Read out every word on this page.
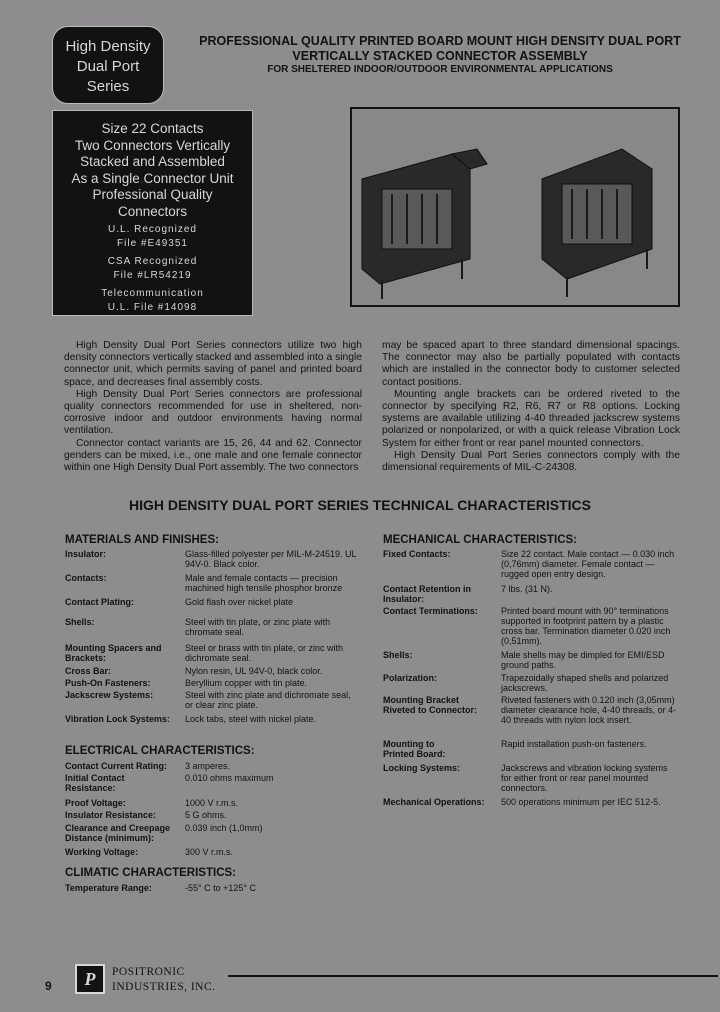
High Density
Dual Port
Series
PROFESSIONAL QUALITY PRINTED BOARD MOUNT HIGH DENSITY DUAL PORT
VERTICALLY STACKED CONNECTOR ASSEMBLY
FOR SHELTERED INDOOR/OUTDOOR ENVIRONMENTAL APPLICATIONS
Size 22 Contacts
Two Connectors Vertically
Stacked and Assembled
As a Single Connector Unit
Professional Quality
Connectors
U.L. Recognized
File #E49351
CSA Recognized
File #LR54219
Telecommunication
U.L. File #14098
High Density Dual Port Series connectors utilize two high density connectors vertically stacked and assembled into a single connector unit, which permits saving of panel and printed board space, and decreases final assembly costs.
High Density Dual Port Series connectors are professional quality connectors recommended for use in sheltered, non-corrosive indoor and outdoor environments having normal ventilation.
Connector contact variants are 15, 26, 44 and 62. Connector genders can be mixed, i.e., one male and one female connector within one High Density Dual Port assembly. The two connectors
may be spaced apart to three standard dimensional spacings. The connector may also be partially populated with contacts which are installed in the connector body to customer selected contact positions.
Mounting angle brackets can be ordered riveted to the connector by specifying R2, R6, R7 or R8 options. Locking systems are available utilizing 4-40 threaded jackscrew systems polarized or nonpolarized, or with a quick release Vibration Lock System for either front or rear panel mounted connectors.
High Density Dual Port Series connectors comply with the dimensional requirements of MIL-C-24308.
HIGH DENSITY DUAL PORT SERIES TECHNICAL CHARACTERISTICS
MATERIALS AND FINISHES:
Insulator:	Glass-filled polyester per MIL-M-24519. UL 94V-0. Black color.
Contacts:	Male and female contacts — precision machined high tensile phosphor bronze
Contact Plating:	Gold flash over nickel plate
Shells:	Steel with tin plate, or zinc plate with chromate seal.
Mounting Spacers and Brackets:
Steel or brass with tin plate, or zinc with dichromate seal.
Cross Bar:	Nylon resin, UL 94V-0, black color.
Push-On Fasteners:	Beryllium copper with tin plate.
Jackscrew Systems:	Steel with zinc plate and dichromate seal, or clear zinc plate.
Vibration Lock Systems:	Lock tabs, steel with nickel plate.
ELECTRICAL CHARACTERISTICS:
Contact Current Rating:	3 amperes.
Initial Contact Resistance:
0.010 ohms maximum
Proof Voltage:	1000 V r.m.s.
Insulator Resistance:	5 G ohms.
Clearance and Creepage Distance (minimum):
0.039 inch (1,0mm)
Working Voltage:	300 V r.m.s.
CLIMATIC CHARACTERISTICS:
Temperature Range:	-55° C to +125° C
MECHANICAL CHARACTERISTICS:
Fixed Contacts:	Size 22 contact. Male contact — 0.030 inch (0,76mm) diameter. Female contact — rugged open entry design.
Contact Retention in Insulator:
7 lbs. (31 N).
Contact Terminations:	Printed board mount with 90° terminations supported in footprint pattern by a plastic cross bar. Termination diameter 0.020 inch (0,51mm).
Shells:	Male shells may be dimpled for EMI/ESD ground paths.
Polarization:	Trapezoidally shaped shells and polarized jackscrews.
Mounting Bracket Riveted to Connector:
Riveted fasteners with 0.120 inch (3,05mm) diameter clearance hole, 4-40 threads, or 4-40 threads with nylon lock insert.
Mounting to Printed Board:
Rapid installation push-on fasteners.
Locking Systems:	Jackscrews and vibration locking systems for either front or rear panel mounted connectors.
Mechanical Operations:	500 operations minimum per IEC 512-5.
9	P	POSITRONIC
INDUSTRIES, INC.
